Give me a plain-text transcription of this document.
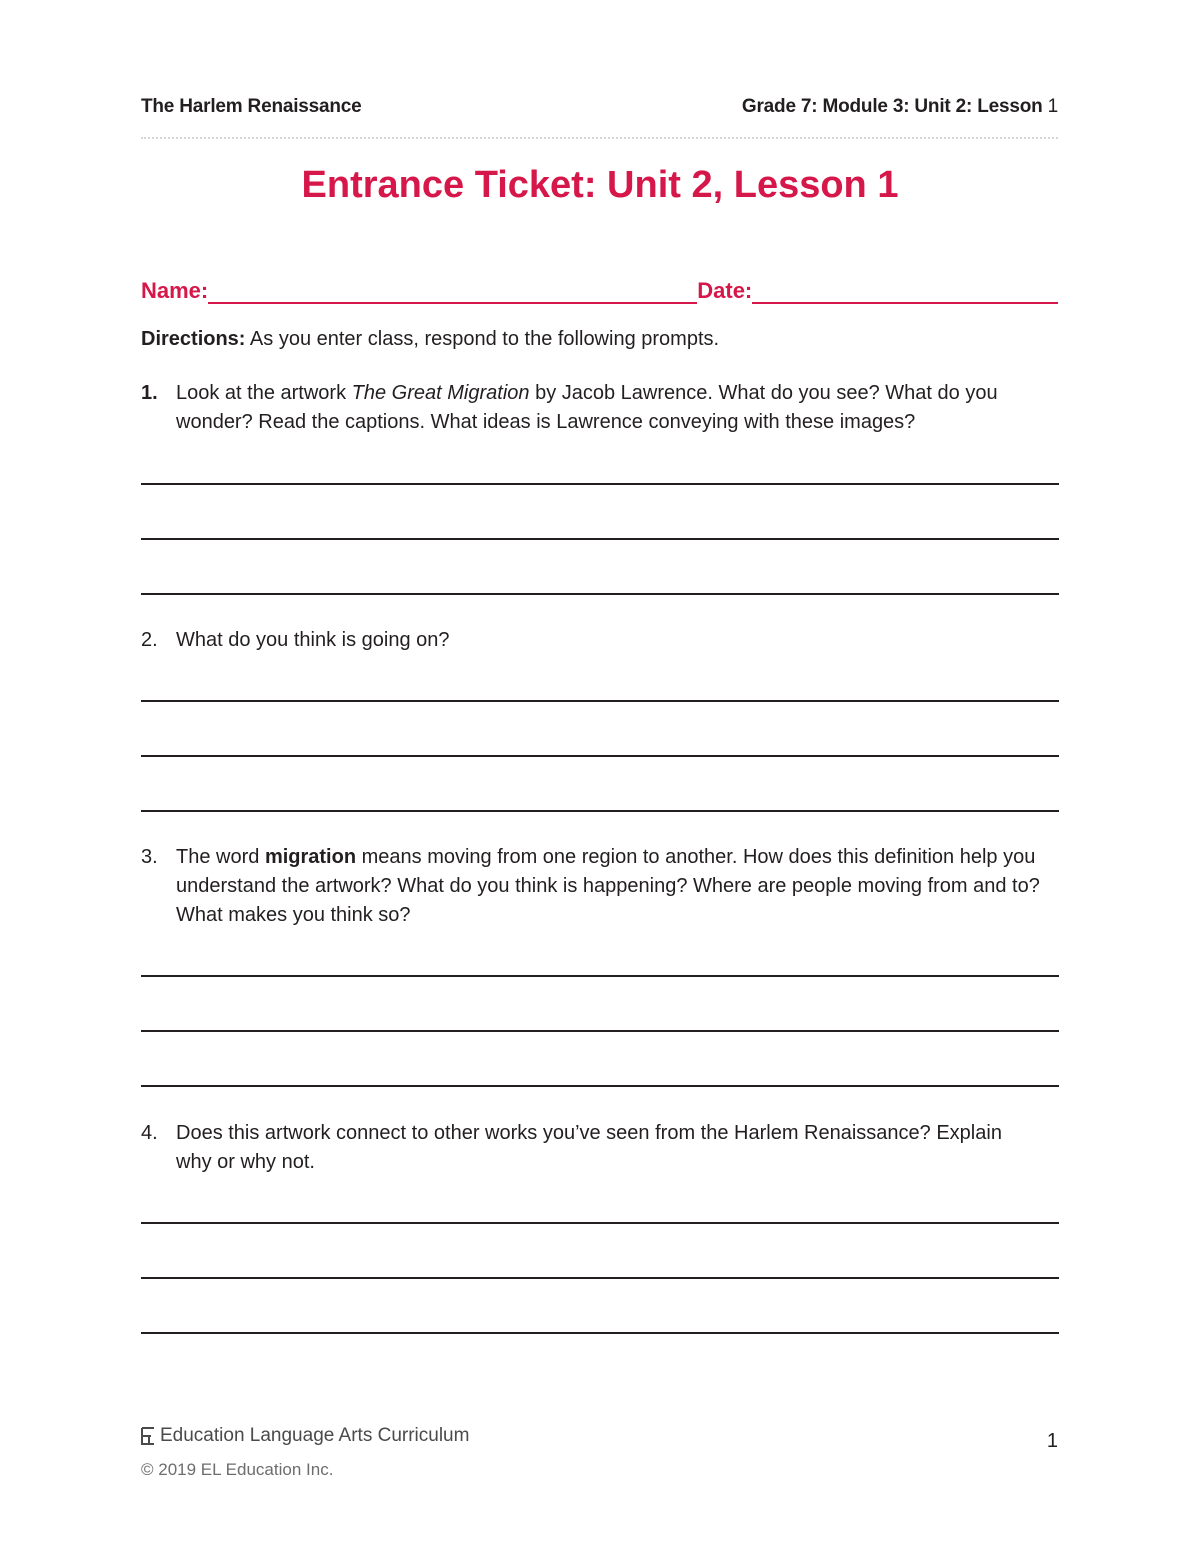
The Harlem Renaissance	Grade 7: Module 3: Unit 2: Lesson 1
Entrance Ticket: Unit 2, Lesson 1
Name:	Date:
Directions: As you enter class, respond to the following prompts.
1. Look at the artwork The Great Migration by Jacob Lawrence. What do you see? What do you wonder? Read the captions. What ideas is Lawrence conveying with these images?
2. What do you think is going on?
3. The word migration means moving from one region to another. How does this definition help you understand the artwork? What do you think is happening? Where are people moving from and to? What makes you think so?
4. Does this artwork connect to other works you’ve seen from the Harlem Renaissance? Explain why or why not.
Education Language Arts Curriculum
© 2019 EL Education Inc.
1
